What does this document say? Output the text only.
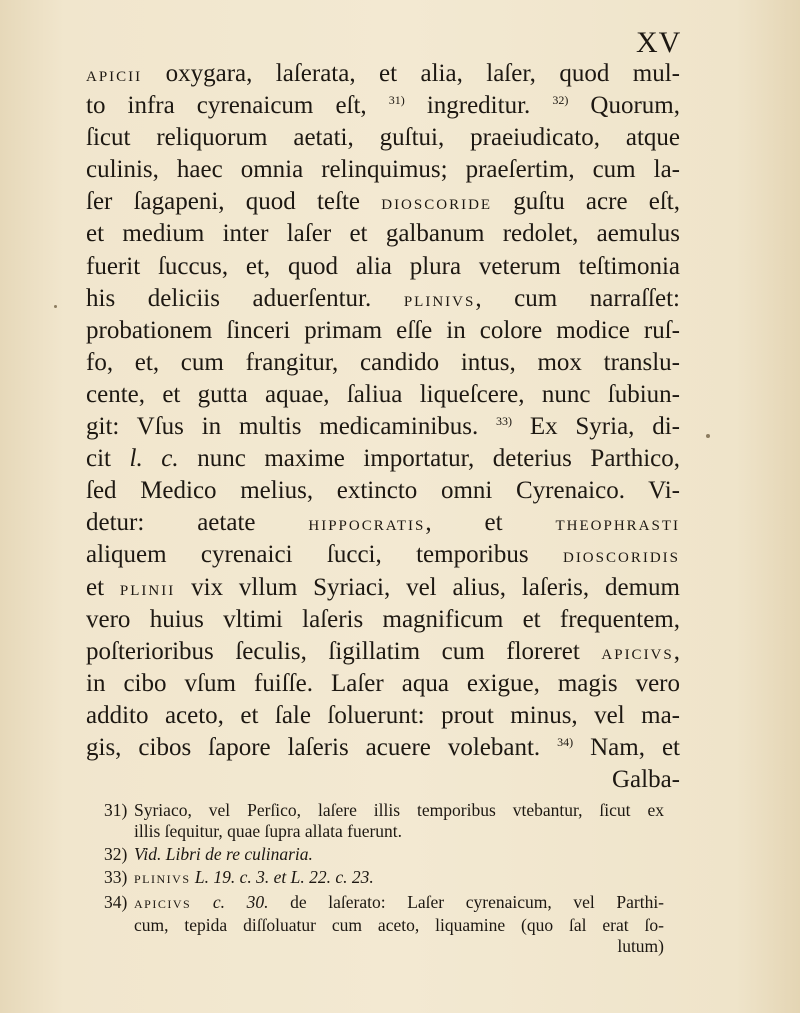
XV
APICII oxygara, laſerata, et alia, laſer, quod mul-
to infra cyrenaicum eſt, $^{31)}$ ingreditur. $^{32)}$ Quorum,
ſicut reliquorum aetati, guſtui, praeiudicato, atque
culinis, haec omnia relinquimus; praeſertim, cum la-
ſer ſagapeni, quod teſte DIOSCORIDE guſtu acre eſt,
et medium inter laſer et galbanum redolet, aemulus
fuerit ſuccus, et, quod alia plura veterum teſtimonia
his deliciis aduerſentur. PLINIVS, cum narraſſet:
probationem ſinceri primam eſſe in colore modice ruſ-
fo, et, cum frangitur, candido intus, mox translu-
cente, et gutta aquae, ſaliua liqueſcere, nunc ſubiun-
git: Vſus in multis medicaminibus. $^{33)}$ Ex Syria, di-
cit l. c. nunc maxime importatur, deterius Parthico,
ſed Medico melius, extincto omni Cyrenaico. Vi-
detur: aetate HIPPOCRATIS, et THEOPHRASTI
aliquem cyrenaici ſucci, temporibus DIOSCORIDIS
et PLINII vix vllum Syriaci, vel alius, laſeris, demum
vero huius vltimi laſeris magnificum et frequentem,
poſterioribus ſeculis, ſigillatim cum floreret APICIVS,
in cibo vſum fuiſſe. Laſer aqua exigue, magis vero
addito aceto, et ſale ſoluerunt: prout minus, vel ma-
gis, cibos ſapore laſeris acuere volebant. $^{34)}$ Nam, et
Galba-
31) Syriaco, vel Perſico, laſere illis temporibus vtebantur, ſicut ex
illis ſequitur, quae ſupra allata fuerunt.
32) Vid. Libri de re culinaria.
33) PLINIVS L. 19. c. 3. et L. 22. c. 23.
34) APICIVS c. 30. de laſerato: Laſer cyrenaicum, vel Parthi-
cum, tepida diſſoluatur cum aceto, liquamine (quo ſal erat ſo-
lutum)
